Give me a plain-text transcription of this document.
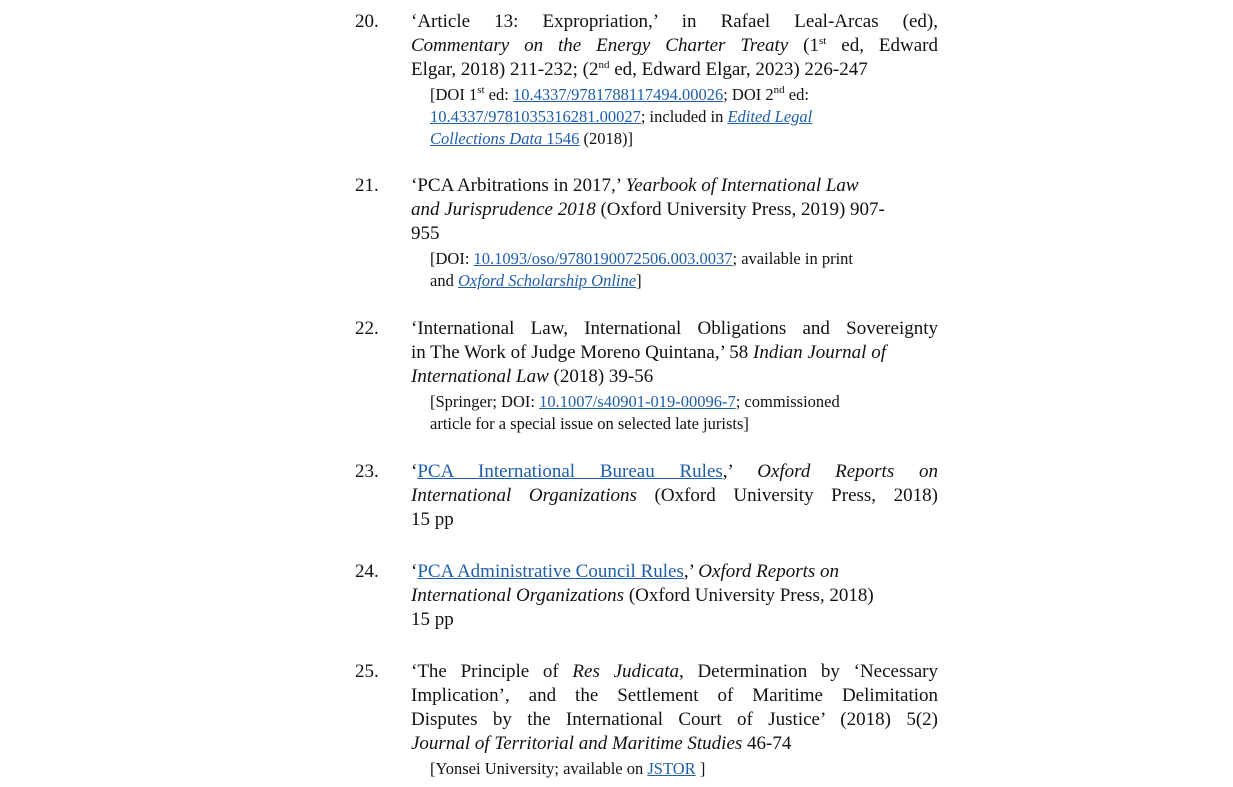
20. ‘Article 13: Expropriation,’ in Rafael Leal-Arcas (ed),
Commentary on the Energy Charter Treaty (1st ed, Edward
Elgar, 2018) 211-232; (2nd ed, Edward Elgar, 2023) 226-247
[DOI 1st ed: 10.4337/9781788117494.00026; DOI 2nd ed:
10.4337/9781035316281.00027; included in Edited Legal
Collections Data 1546 (2018)]
21. ‘PCA Arbitrations in 2017,’ Yearbook of International Law
and Jurisprudence 2018 (Oxford University Press, 2019) 907-
955
[DOI: 10.1093/oso/9780190072506.003.0037; available in print
and Oxford Scholarship Online]
22. ‘International Law, International Obligations and Sovereignty
in The Work of Judge Moreno Quintana,’ 58 Indian Journal of
International Law (2018) 39-56
[Springer; DOI: 10.1007/s40901-019-00096-7; commissioned
article for a special issue on selected late jurists]
23. ‘PCA International Bureau Rules,’ Oxford Reports on
International Organizations (Oxford University Press, 2018)
15 pp
24. ‘PCA Administrative Council Rules,’ Oxford Reports on
International Organizations (Oxford University Press, 2018)
15 pp
25. ‘The Principle of Res Judicata, Determination by ‘Necessary
Implication’, and the Settlement of Maritime Delimitation
Disputes by the International Court of Justice’ (2018) 5(2)
Journal of Territorial and Maritime Studies 46-74
[Yonsei University; available on JSTOR ]
